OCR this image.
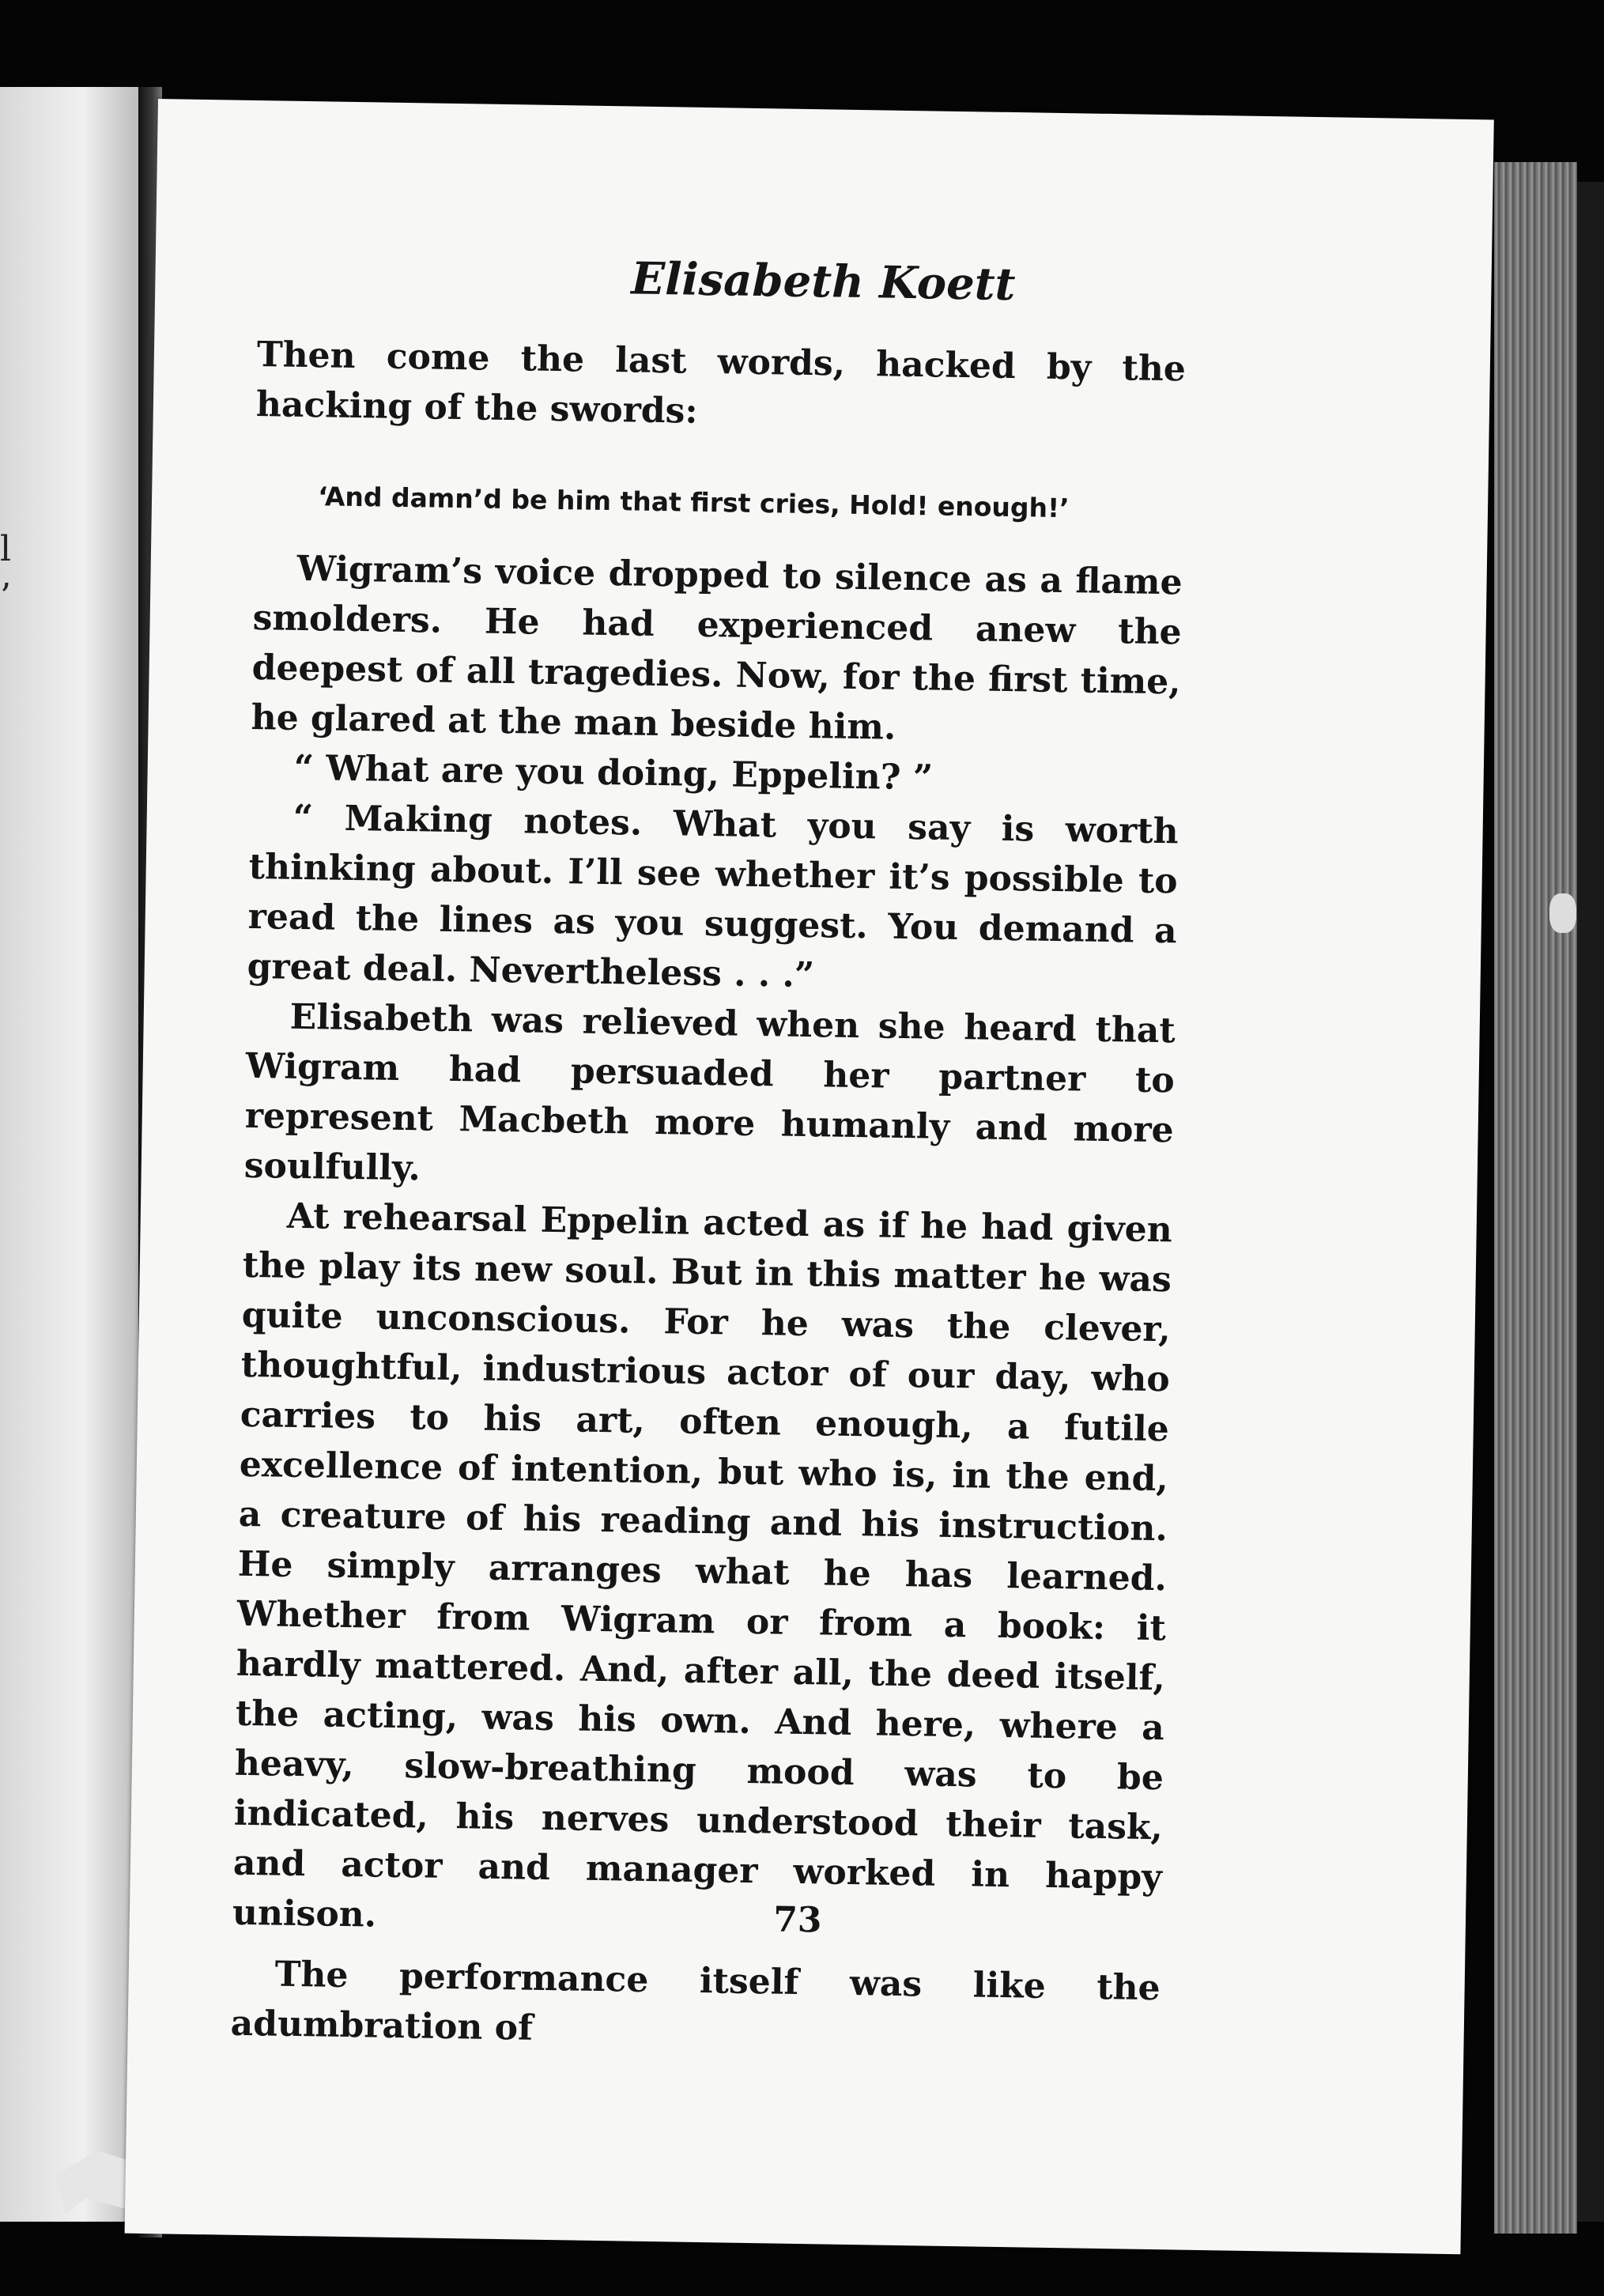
l
’
Elisabeth Koett

Then come the last words, hacked by the hacking of the swords:

‘And damn’d be him that first cries, Hold! enough!’

Wigram’s voice dropped to silence as a flame smolders. He had experienced anew the deepest of all tragedies. Now, for the first time, he glared at the man beside him.

“ What are you doing, Eppelin? ”

“ Making notes. What you say is worth thinking about. I’ll see whether it’s possible to read the lines as you suggest. You demand a great deal. Nevertheless . . .”

Elisabeth was relieved when she heard that Wigram had persuaded her partner to represent Macbeth more humanly and more soulfully.

At rehearsal Eppelin acted as if he had given the play its new soul. But in this matter he was quite unconscious. For he was the clever, thoughtful, industrious actor of our day, who carries to his art, often enough, a futile excellence of intention, but who is, in the end, a creature of his reading and his instruction. He simply arranges what he has learned. Whether from Wigram or from a book: it hardly mattered. And, after all, the deed itself, the acting, was his own. And here, where a heavy, slow-breathing mood was to be indicated, his nerves understood their task, and actor and manager worked in happy unison.

The performance itself was like the adumbration of

73
